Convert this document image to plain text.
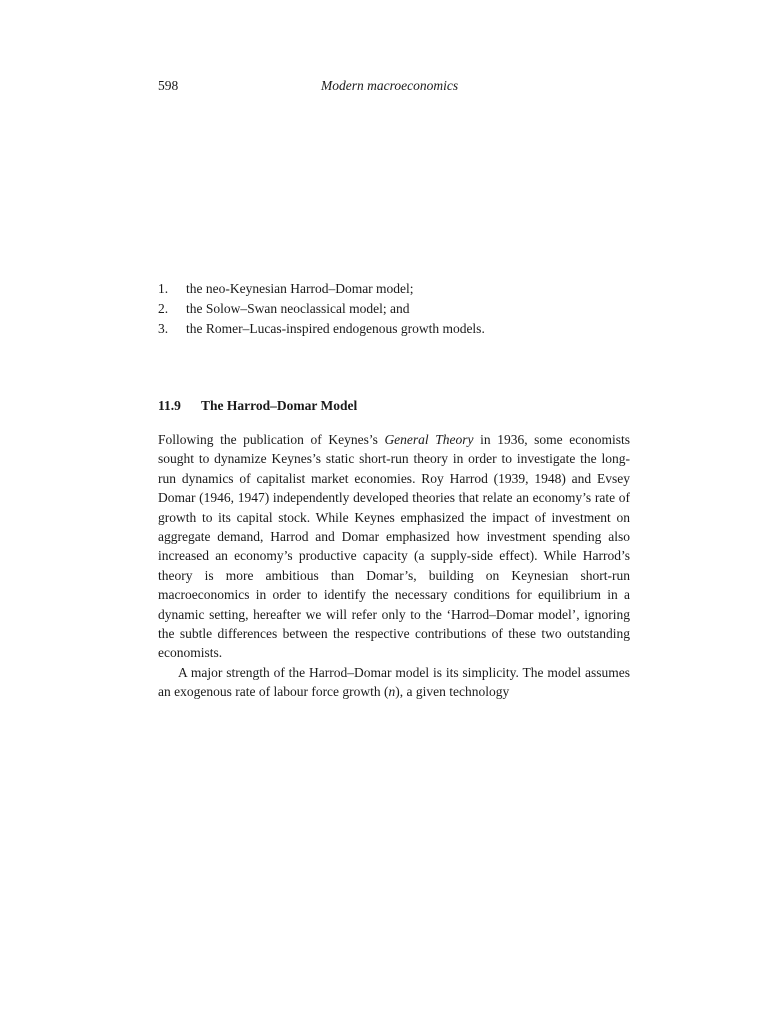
598	Modern macroeconomics
1.	the neo-Keynesian Harrod–Domar model;
2.	the Solow–Swan neoclassical model; and
3.	the Romer–Lucas-inspired endogenous growth models.
11.9 The Harrod–Domar Model

Following the publication of Keynes’s General Theory in 1936, some economists sought to dynamize Keynes’s static short-run theory in order to investigate the long-run dynamics of capitalist market economies. Roy Harrod (1939, 1948) and Evsey Domar (1946, 1947) independently developed theories that relate an economy’s rate of growth to its capital stock. While Keynes emphasized the impact of investment on aggregate demand, Harrod and Domar emphasized how investment spending also increased an economy’s productive capacity (a supply-side effect). While Harrod’s theory is more ambitious than Domar’s, building on Keynesian short-run macroeconomics in order to identify the necessary conditions for equilibrium in a dynamic setting, hereafter we will refer only to the ‘Harrod–Domar model’, ignoring the subtle differences between the respective contributions of these two outstanding economists.

A major strength of the Harrod–Domar model is its simplicity. The model assumes an exogenous rate of labour force growth (n), a given technology
